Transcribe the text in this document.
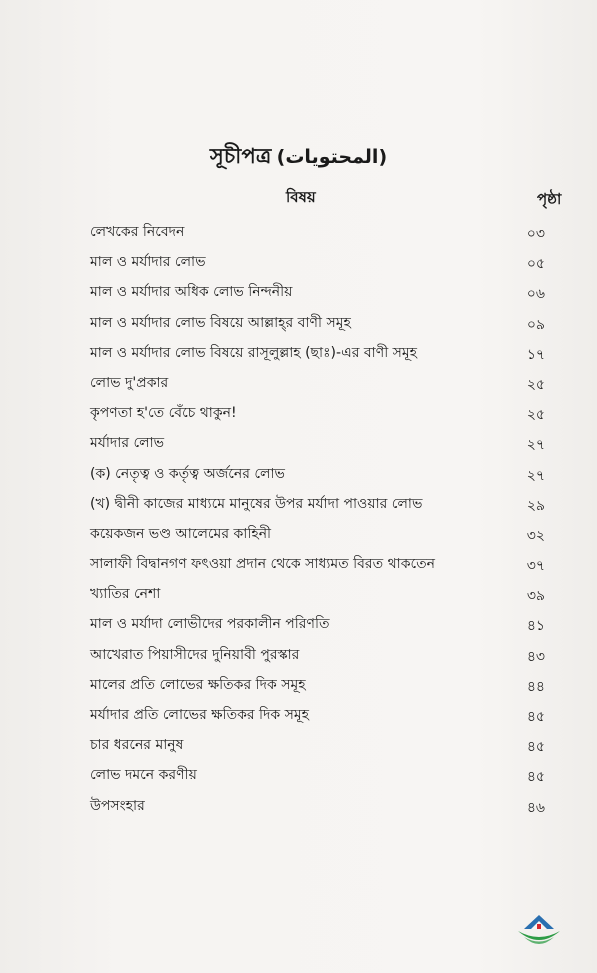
সূচীপত্র (المحتويات)
বিষয়	পৃষ্ঠা
লেখকের নিবেদন	০৩
মাল ও মর্যাদার লোভ	০৫
মাল ও মর্যাদার অধিক লোভ নিন্দনীয়	০৬
মাল ও মর্যাদার লোভ বিষয়ে আল্লাহ্‌র বাণী সমূহ	০৯
মাল ও মর্যাদার লোভ বিষয়ে রাসূলুল্লাহ (ছাঃ)-এর বাণী সমূহ	১৭
লোভ দু'প্রকার	২৫
কৃপণতা হ'তে বেঁচে থাকুন!	২৫
মর্যাদার লোভ	২৭
(ক) নেতৃত্ব ও কর্তৃত্ব অর্জনের লোভ	২৭
(খ) দ্বীনী কাজের মাধ্যমে মানুষের উপর মর্যাদা পাওয়ার লোভ	২৯
কয়েকজন ভণ্ড আলেমের কাহিনী	৩২
সালাফী বিদ্বানগণ ফৎওয়া প্রদান থেকে সাধ্যমত বিরত থাকতেন	৩৭
খ্যাতির নেশা	৩৯
মাল ও মর্যাদা লোভীদের পরকালীন পরিণতি	৪১
আখেরাত পিয়াসীদের দুনিয়াবী পুরস্কার	৪৩
মালের প্রতি লোভের ক্ষতিকর দিক সমূহ	৪৪
মর্যাদার প্রতি লোভের ক্ষতিকর দিক সমূহ	৪৫
চার ধরনের মানুষ	৪৫
লোভ দমনে করণীয়	৪৫
উপসংহার	৪৬
